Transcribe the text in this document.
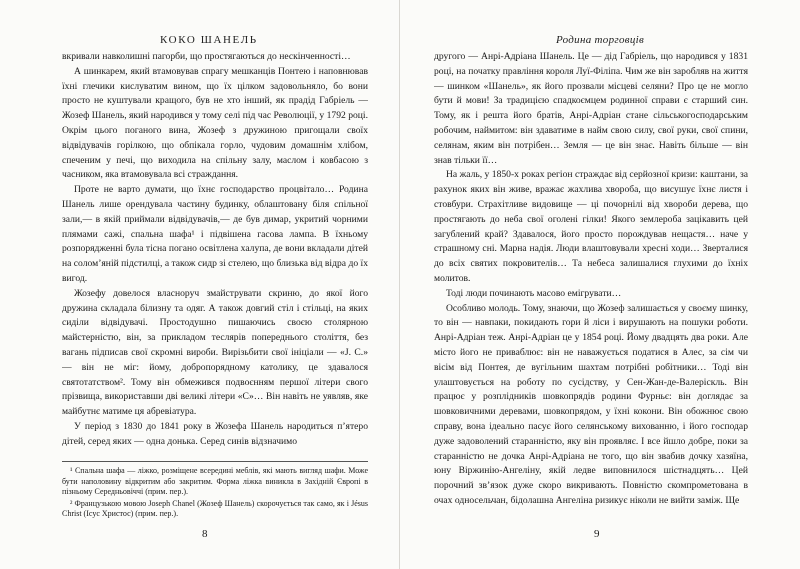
КОКО ШАНЕЛЬ

вкривали навколишні пагорби, що простягаються до нескінченності…

А шинкарем, який втамовував спрагу мешканців Понтею і наповнював їхні глечики кислуватим вином, що їх цілком задовольняло, бо вони просто не куштували кращого, був не хто інший, як прадід Габріель — Жозеф Шанель, який народився у тому селі під час Революції, у 1792 році. Окрім цього поганого вина, Жозеф з дружиною пригощали своїх відвідувачів горілкою, що обпікала горло, чудовим домашнім хлібом, спеченим у печі, що виходила на спільну залу, маслом і ковбасою з часником, яка втамовувала всі страждання.

Проте не варто думати, що їхнє господарство процвітало… Родина Шанель лише орендувала частину будинку, облаштовану біля спільної зали,— в якій приймали відвідувачів,— де був димар, укритий чорними плямами сажі, спальна шафа¹ і підвішена гасова лампа. В їхньому розпорядженні була тісна погано освітлена халупа, де вони вкладали дітей на солом’яній підстилці, а також сидр зі стелею, що близька від відра до їх вигод.

Жозефу довелося власноруч змайструвати скриню, до якої його дружина складала білизну та одяг. А також довгий стіл і стільці, на яких сиділи відвідувачі. Простодушно пишаючись своєю столярною майстерністю, він, за прикладом теслярів попереднього століття, без вагань підписав свої скромні вироби. Вирізьбити свої ініціали — «J. C.» — він не міг: йому, добропорядному католику, це здавалося святотатством². Тому він обмежився подвоєнням першої літери свого прізвища, використавши дві великі літери «C»… Він навіть не уявляв, яке майбутнє матиме ця абревіатура.

У період з 1830 до 1841 року в Жозефа Шанель народиться п’ятеро дітей, серед яких — одна донька. Серед синів відзначимо

¹ Спальна шафа — ліжко, розміщене всередині меблів, які мають вигляд шафи. Може бути наполовину відкритим або закритим. Форма ліжка виникла в Західній Європі в пізньому Середньовіччі (прим. пер.).

² Французькою мовою Joseph Chanel (Жозеф Шанель) скорочується так само, як і Jésus Christ (Ісус Христос) (прим. пер.).

8
Родина торговців

другого — Анрі-Адріана Шанель. Це — дід Габріель, що народився у 1831 році, на початку правління короля Луї-Філіпа. Чим же він заробляв на життя — шинком «Шанель», як його прозвали місцеві селяни? Про це не могло бути й мови! За традицією спадкоємцем родинної справи є старший син. Тому, як і решта його братів, Анрі-Адріан стане сільськогосподарським робочим, наймитом: він здаватиме в найм свою силу, свої руки, свої спини, селянам, яким він потрібен… Земля — це він знає. Навіть більше — він знав тільки її…

На жаль, у 1850-х роках регіон страждає від серйозної кризи: каштани, за рахунок яких він живе, вражає жахлива хвороба, що висушує їхнє листя і стовбури. Страхітливе видовище — ці почорнілі від хвороби дерева, що простягають до неба свої оголені гілки! Якого землероба зацікавить цей загублений край? Здавалося, його просто порождував нещастя… наче у страшному сні. Марна надія. Люди влаштовували хресні ходи… Зверталися до всіх святих покровителів… Та небеса залишалися глухими до їхніх молитов.

Тоді люди починають масово емігрувати…

Особливо молодь. Тому, знаючи, що Жозеф залишається у своєму шинку, то він — навпаки, покидають гори й ліси і вирушають на пошуки роботи. Анрі-Адріан теж. Анрі-Адріан це у 1854 році. Йому двадцять два роки. Але місто його не приваблює: він не наважується податися в Алес, за сім чи вісім від Понтея, де вугільним шахтам потрібні робітники… Тоді він улаштовується на роботу по сусідству, у Сен-Жан-де-Валеріскль. Він працює у розплідників шовкопрядів родини Фурньє: він доглядає за шовковичними деревами, шовкопрядом, у їхні кокони. Він обожнює свою справу, вона ідеально пасує його селянському вихованню, і його господар дуже задоволений старанністю, яку він проявляє. І все йшло добре, поки за старанністю не дочка Анрі-Адріана не того, що він звабив дочку хазяїна, юну Віржинію-Ангеліну, якій ледве виповнилося шістнадцять… Цей порочний зв’язок дуже скоро викривають. Повністю скомпрометована в очах односельчан, бідолашна Ангеліна ризикує ніколи не вийти заміж. Ще

9
